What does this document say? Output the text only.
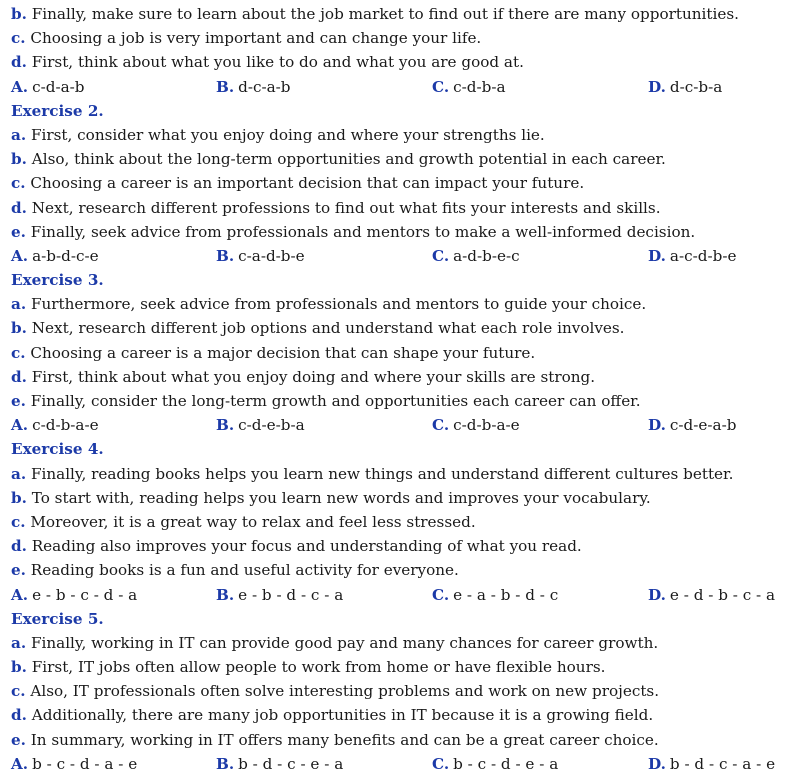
b. Finally, make sure to learn about the job market to find out if there are many opportunities.
c. Choosing a job is very important and can change your life.
d. First, think about what you like to do and what you are good at.
A. c-d-a-b	B. d-c-a-b	C. c-d-b-a	D. d-c-b-a
Exercise 2.
a. First, consider what you enjoy doing and where your strengths lie.
b. Also, think about the long-term opportunities and growth potential in each career.
c. Choosing a career is an important decision that can impact your future.
d. Next, research different professions to find out what fits your interests and skills.
e. Finally, seek advice from professionals and mentors to make a well-informed decision.
A. a-b-d-c-e	B. c-a-d-b-e	C. a-d-b-e-c	D. a-c-d-b-e
Exercise 3.
a. Furthermore, seek advice from professionals and mentors to guide your choice.
b. Next, research different job options and understand what each role involves.
c. Choosing a career is a major decision that can shape your future.
d. First, think about what you enjoy doing and where your skills are strong.
e. Finally, consider the long-term growth and opportunities each career can offer.
A. c-d-b-a-e	B. c-d-e-b-a	C. c-d-b-a-e	D. c-d-e-a-b
Exercise 4.
a. Finally, reading books helps you learn new things and understand different cultures better.
b. To start with, reading helps you learn new words and improves your vocabulary.
c. Moreover, it is a great way to relax and feel less stressed.
d. Reading also improves your focus and understanding of what you read.
e. Reading books is a fun and useful activity for everyone.
A. e - b - c - d - a	B. e - b - d - c - a	C. e - a - b - d - c	D. e - d - b - c - a
Exercise 5.
a. Finally, working in IT can provide good pay and many chances for career growth.
b. First, IT jobs often allow people to work from home or have flexible hours.
c. Also, IT professionals often solve interesting problems and work on new projects.
d. Additionally, there are many job opportunities in IT because it is a growing field.
e. In summary, working in IT offers many benefits and can be a great career choice.
A. b - c - d - a - e	B. b - d - c - e - a	C. b - c - d - e - a	D. b - d - c - a - e
